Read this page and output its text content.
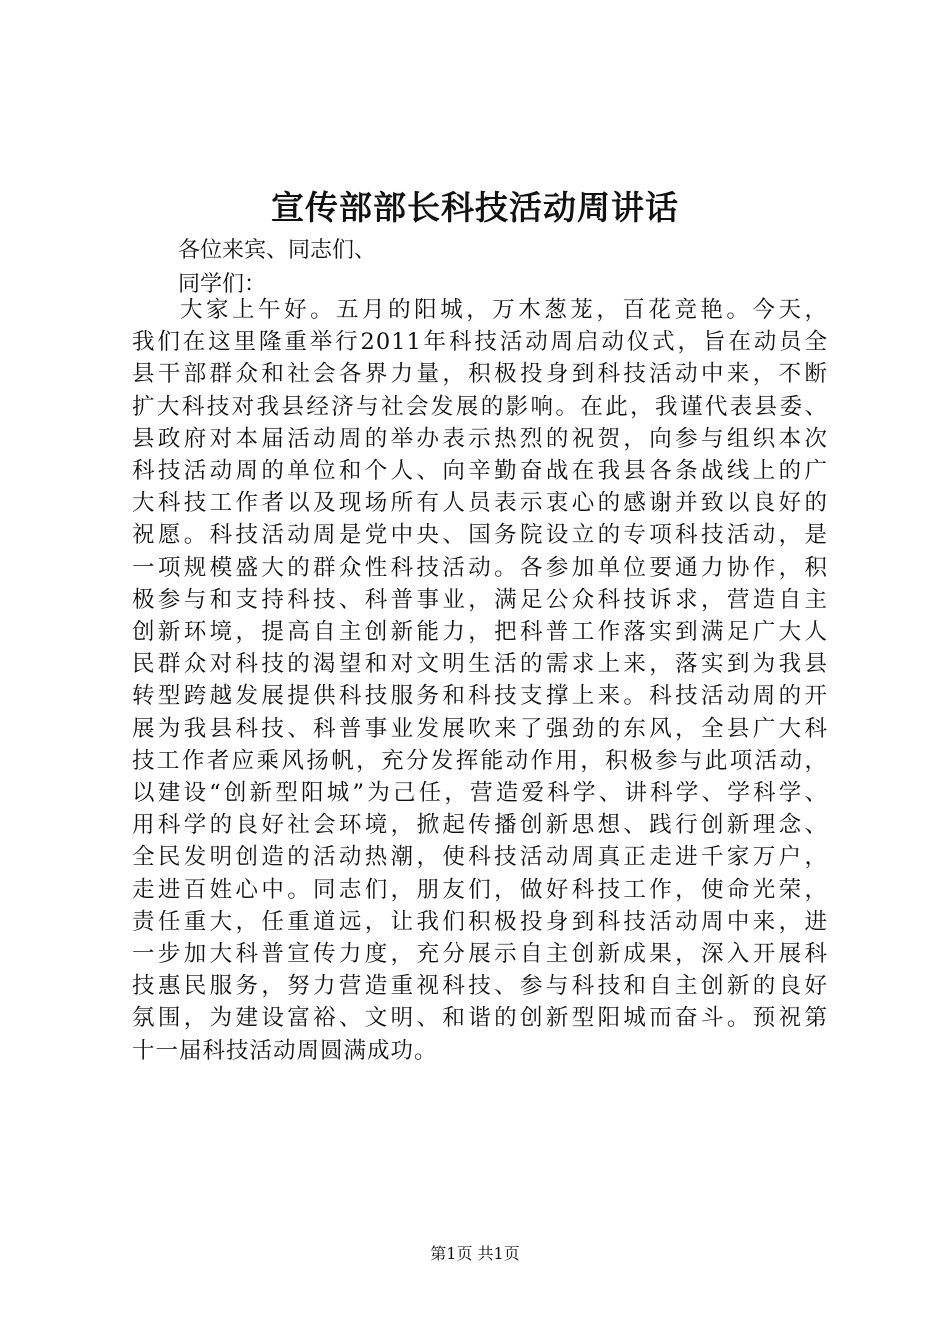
宣传部部长科技活动周讲话
各位来宾、同志们、
同学们：
大家上午好。五月的阳城，万木葱茏，百花竞艳。今天，
我们在这里隆重举行2011年科技活动周启动仪式，旨在动员全
县干部群众和社会各界力量，积极投身到科技活动中来，不断
扩大科技对我县经济与社会发展的影响。在此，我谨代表县委、
县政府对本届活动周的举办表示热烈的祝贺，向参与组织本次
科技活动周的单位和个人、向辛勤奋战在我县各条战线上的广
大科技工作者以及现场所有人员表示衷心的感谢并致以良好的
祝愿。科技活动周是党中央、国务院设立的专项科技活动，是
一项规模盛大的群众性科技活动。各参加单位要通力协作，积
极参与和支持科技、科普事业，满足公众科技诉求，营造自主
创新环境，提高自主创新能力，把科普工作落实到满足广大人
民群众对科技的渴望和对文明生活的需求上来，落实到为我县
转型跨越发展提供科技服务和科技支撑上来。科技活动周的开
展为我县科技、科普事业发展吹来了强劲的东风，全县广大科
技工作者应乘风扬帆，充分发挥能动作用，积极参与此项活动，
以建设“创新型阳城”为己任，营造爱科学、讲科学、学科学、
用科学的良好社会环境，掀起传播创新思想、践行创新理念、
全民发明创造的活动热潮，使科技活动周真正走进千家万户，
走进百姓心中。同志们，朋友们，做好科技工作，使命光荣，
责任重大，任重道远，让我们积极投身到科技活动周中来，进
一步加大科普宣传力度，充分展示自主创新成果，深入开展科
技惠民服务，努力营造重视科技、参与科技和自主创新的良好
氛围，为建设富裕、文明、和谐的创新型阳城而奋斗。预祝第
十一届科技活动周圆满成功。
第1页 共1页
